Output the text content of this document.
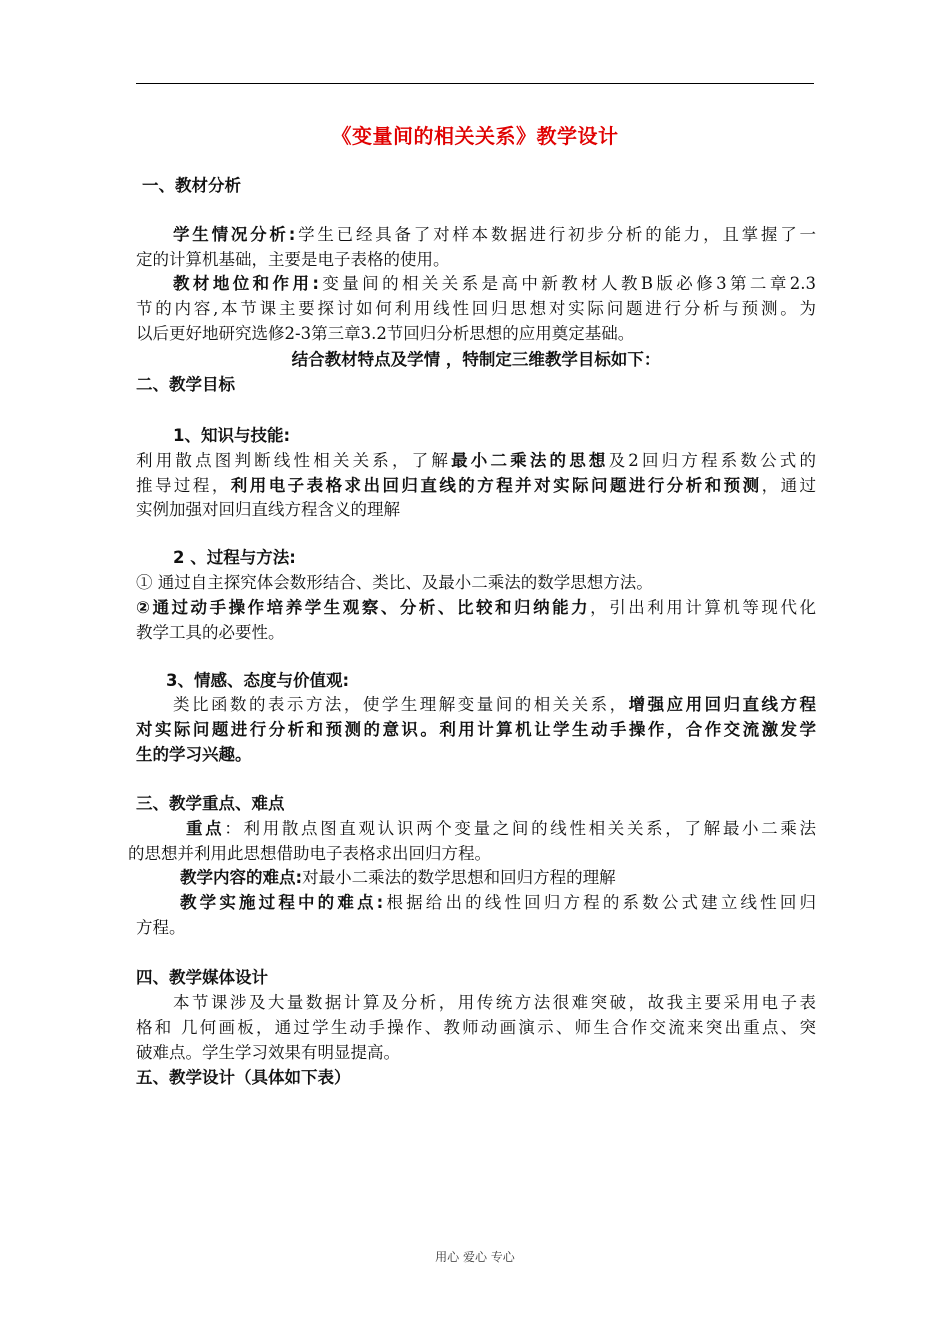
《变量间的相关关系》教学设计
一、教材分析
学生情况分析:学生已经具备了对样本数据进行初步分析的能力，且掌握了一
定的计算机基础，主要是电子表格的使用。
教材地位和作用:变量间的相关关系是高中新教材人教B版必修3第二章2.3
节的内容,本节课主要探讨如何利用线性回归思想对实际问题进行分析与预测。为
以后更好地研究选修2-3第三章3.2节回归分析思想的应用奠定基础。
结合教材特点及学情 ，特制定三维教学目标如下：
二、教学目标
1、知识与技能:
利用散点图判断线性相关关系，了解最小二乘法的思想及2回归方程系数公式的
推导过程，利用电子表格求出回归直线的方程并对实际问题进行分析和预测，通过
实例加强对回归直线方程含义的理解
2 、过程与方法:
① 通过自主探究体会数形结合、类比、及最小二乘法的数学思想方法。
②通过动手操作培养学生观察、分析、比较和归纳能力，引出利用计算机等现代化
教学工具的必要性。
3、情感、态度与价值观:
类比函数的表示方法，使学生理解变量间的相关关系，增强应用回归直线方程
对实际问题进行分析和预测的意识。利用计算机让学生动手操作，合作交流激发学
生的学习兴趣。
三、教学重点、难点
重点：利用散点图直观认识两个变量之间的线性相关关系，了解最小二乘法
的思想并利用此思想借助电子表格求出回归方程。
教学内容的难点:对最小二乘法的数学思想和回归方程的理解
教学实施过程中的难点:根据给出的线性回归方程的系数公式建立线性回归
方程。
四、教学媒体设计
本节课涉及大量数据计算及分析，用传统方法很难突破，故我主要采用电子表
格和 几何画板，通过学生动手操作、教师动画演示、师生合作交流来突出重点、突
破难点。学生学习效果有明显提高。
五、教学设计（具体如下表）
用心 爱心 专心
